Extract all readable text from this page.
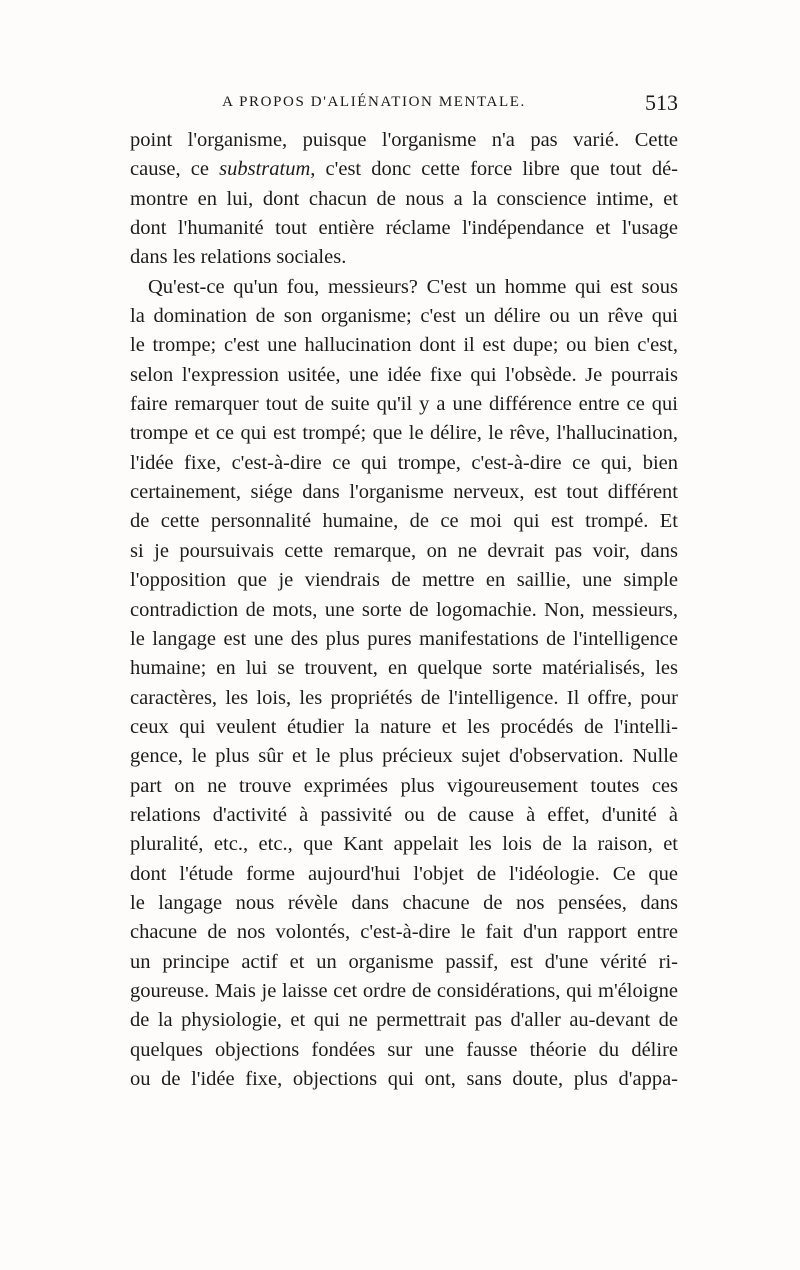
A PROPOS D'ALIÉNATION MENTALE.	513
point l'organisme, puisque l'organisme n'a pas varié. Cette
cause, ce substratum, c'est donc cette force libre que tout dé-
montre en lui, dont chacun de nous a la conscience intime, et
dont l'humanité tout entière réclame l'indépendance et l'usage
dans les relations sociales.
Qu'est-ce qu'un fou, messieurs? C'est un homme qui est sous
la domination de son organisme; c'est un délire ou un rêve qui
le trompe; c'est une hallucination dont il est dupe; ou bien c'est,
selon l'expression usitée, une idée fixe qui l'obsède. Je pourrais
faire remarquer tout de suite qu'il y a une différence entre ce qui
trompe et ce qui est trompé; que le délire, le rêve, l'hallucination,
l'idée fixe, c'est-à-dire ce qui trompe, c'est-à-dire ce qui, bien
certainement, siége dans l'organisme nerveux, est tout différent
de cette personnalité humaine, de ce moi qui est trompé. Et
si je poursuivais cette remarque, on ne devrait pas voir, dans
l'opposition que je viendrais de mettre en saillie, une simple
contradiction de mots, une sorte de logomachie. Non, messieurs,
le langage est une des plus pures manifestations de l'intelligence
humaine; en lui se trouvent, en quelque sorte matérialisés, les
caractères, les lois, les propriétés de l'intelligence. Il offre, pour
ceux qui veulent étudier la nature et les procédés de l'intelli-
gence, le plus sûr et le plus précieux sujet d'observation. Nulle
part on ne trouve exprimées plus vigoureusement toutes ces
relations d'activité à passivité ou de cause à effet, d'unité à
pluralité, etc., etc., que Kant appelait les lois de la raison, et
dont l'étude forme aujourd'hui l'objet de l'idéologie. Ce que
le langage nous révèle dans chacune de nos pensées, dans
chacune de nos volontés, c'est-à-dire le fait d'un rapport entre
un principe actif et un organisme passif, est d'une vérité ri-
goureuse. Mais je laisse cet ordre de considérations, qui m'éloigne
de la physiologie, et qui ne permettrait pas d'aller au-devant de
quelques objections fondées sur une fausse théorie du délire
ou de l'idée fixe, objections qui ont, sans doute, plus d'appa-
